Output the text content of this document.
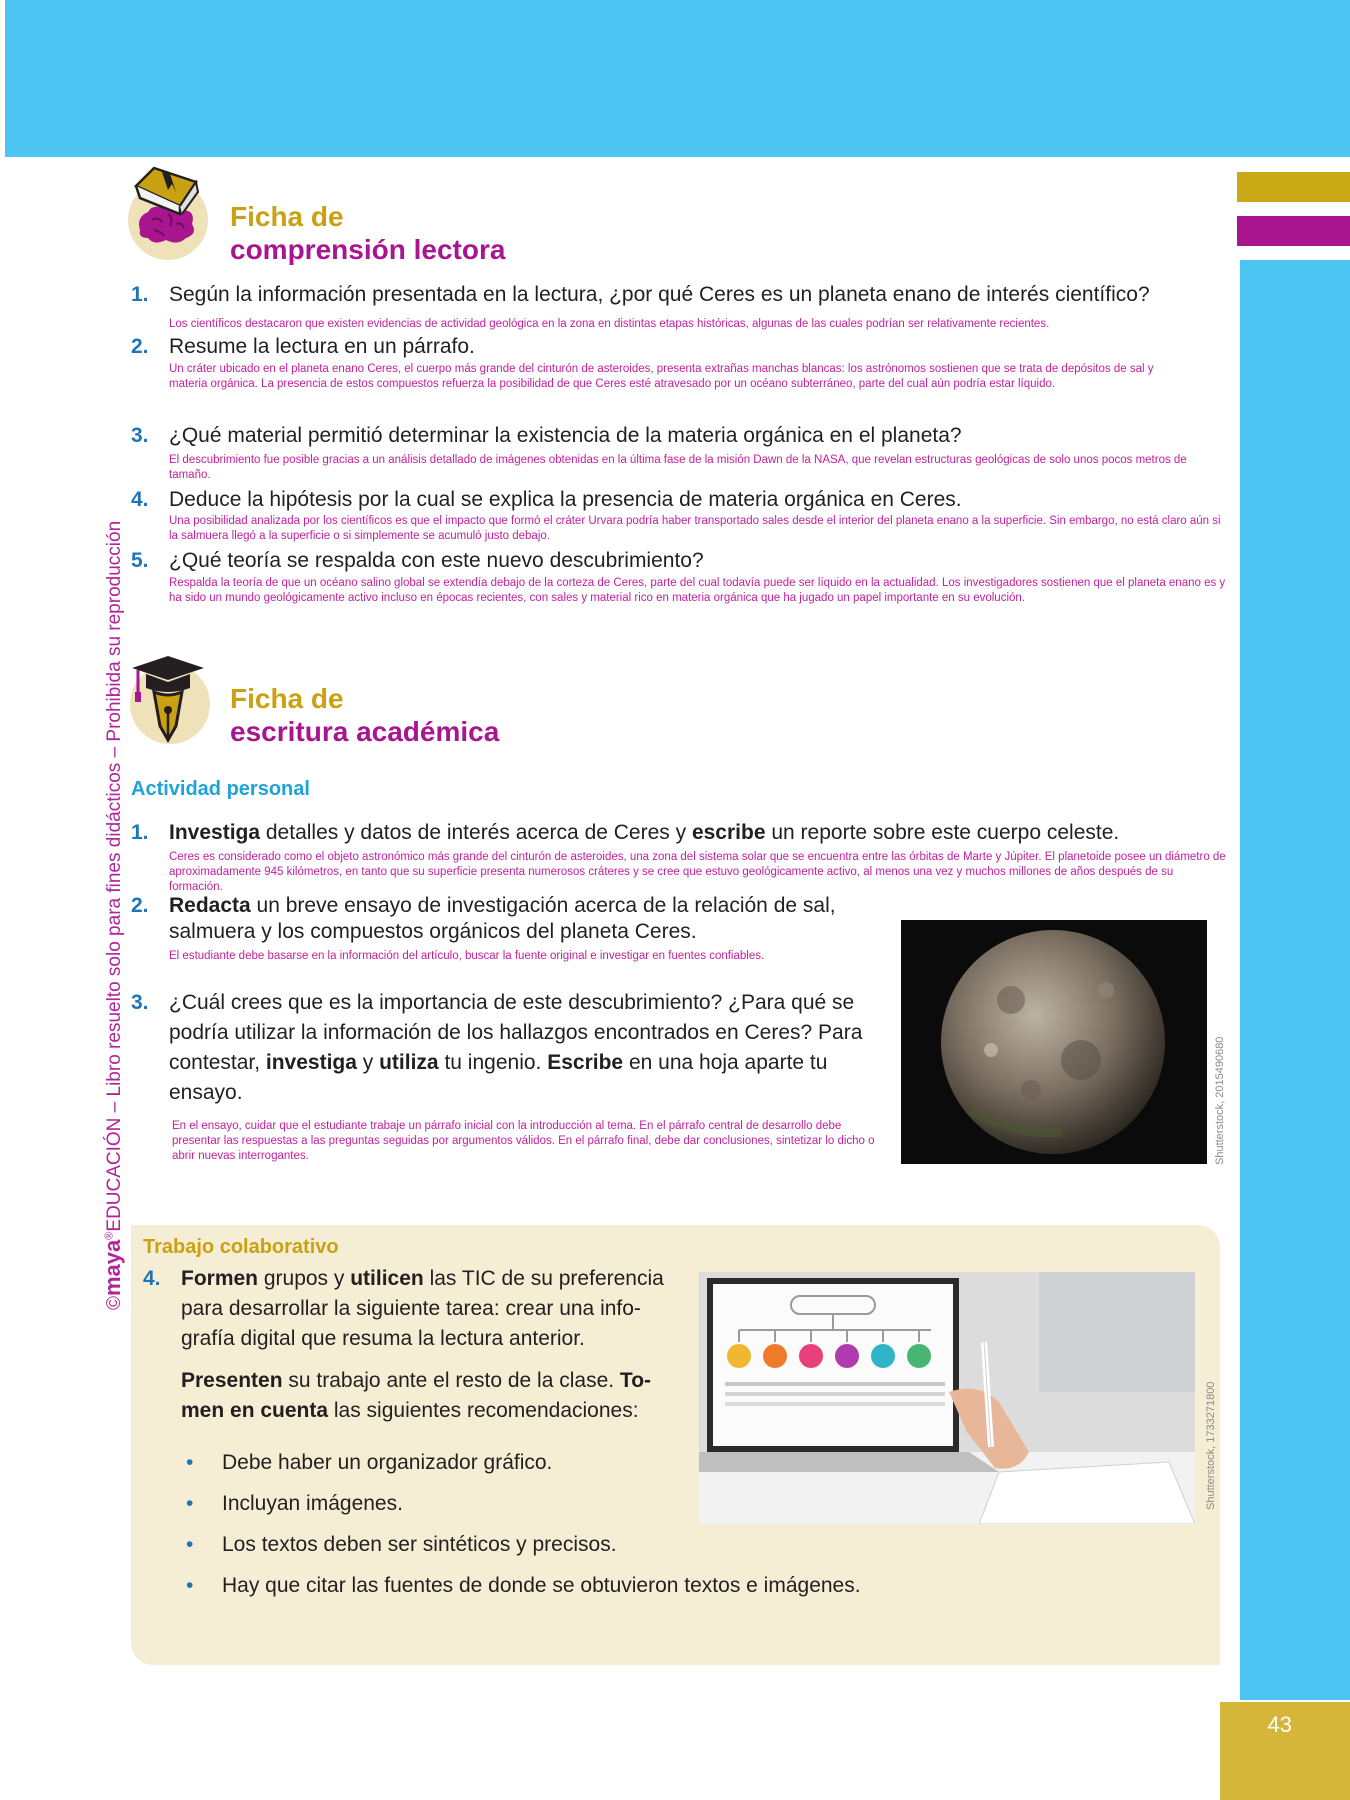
43
©maya®EDUCACIÓN – Libro resuelto solo para fines didácticos – Prohibida su reproducción
Ficha de
comprensión lectora
1. Según la información presentada en la lectura, ¿por qué Ceres es un planeta enano de interés científico?
Los científicos destacaron que existen evidencias de actividad geológica en la zona en distintas etapas históricas, algunas de las cuales podrían ser relativamente recientes.
2. Resume la lectura en un párrafo.
Un cráter ubicado en el planeta enano Ceres, el cuerpo más grande del cinturón de asteroides, presenta extrañas manchas blancas: los astrónomos sostienen que se trata de depósitos de sal y materia orgánica. La presencia de estos compuestos refuerza la posibilidad de que Ceres esté atravesado por un océano subterráneo, parte del cual aún podría estar líquido.
3. ¿Qué material permitió determinar la existencia de la materia orgánica en el planeta?
El descubrimiento fue posible gracias a un análisis detallado de imágenes obtenidas en la última fase de la misión Dawn de la NASA, que revelan estructuras geológicas de solo unos pocos metros de tamaño.
4. Deduce la hipótesis por la cual se explica la presencia de materia orgánica en Ceres.
Una posibilidad analizada por los científicos es que el impacto que formó el cráter Urvara podría haber transportado sales desde el interior del planeta enano a la superficie. Sin embargo, no está claro aún si la salmuera llegó a la superficie o si simplemente se acumuló justo debajo.
5. ¿Qué teoría se respalda con este nuevo descubrimiento?
Respalda la teoría de que un océano salino global se extendía debajo de la corteza de Ceres, parte del cual todavía puede ser líquido en la actualidad. Los investigadores sostienen que el planeta enano es y ha sido un mundo geológicamente activo incluso en épocas recientes, con sales y material rico en materia orgánica que ha jugado un papel importante en su evolución.
Ficha de
escritura académica
Actividad personal
1. Investiga detalles y datos de interés acerca de Ceres y escribe un reporte sobre este cuerpo celeste.
Ceres es considerado como el objeto astronómico más grande del cinturón de asteroides, una zona del sistema solar que se encuentra entre las órbitas de Marte y Júpiter. El planetoide posee un diámetro de aproximadamente 945 kilómetros, en tanto que su superficie presenta numerosos cráteres y se cree que estuvo geológicamente activo, al menos una vez y muchos millones de años después de su formación.
2. Redacta un breve ensayo de investigación acerca de la relación de sal, salmuera y los compuestos orgánicos del planeta Ceres.
El estudiante debe basarse en la información del artículo, buscar la fuente original e investigar en fuentes confiables.
3. ¿Cuál crees que es la importancia de este descubrimiento? ¿Para qué se podría utilizar la información de los hallazgos encontrados en Ceres? Para contestar, investiga y utiliza tu ingenio. Escribe en una hoja aparte tu ensayo.
En el ensayo, cuidar que el estudiante trabaje un párrafo inicial con la introducción al tema. En el párrafo central de desarrollo debe presentar las respuestas a las preguntas seguidas por argumentos válidos. En el párrafo final, debe dar conclusiones, sintetizar lo dicho o abrir nuevas interrogantes.	Shutterstock, 2015490680
Trabajo colaborativo
4. Formen grupos y utilicen las TIC de su preferencia para desarrollar la siguiente tarea: crear una info-grafía digital que resuma la lectura anterior.
Presenten su trabajo ante el resto de la clase. To-men en cuenta las siguientes recomendaciones:
• Debe haber un organizador gráfico.
• Incluyan imágenes.
• Los textos deben ser sintéticos y precisos.
• Hay que citar las fuentes de donde se obtuvieron textos e imágenes.
Shutterstock, 1733271800
